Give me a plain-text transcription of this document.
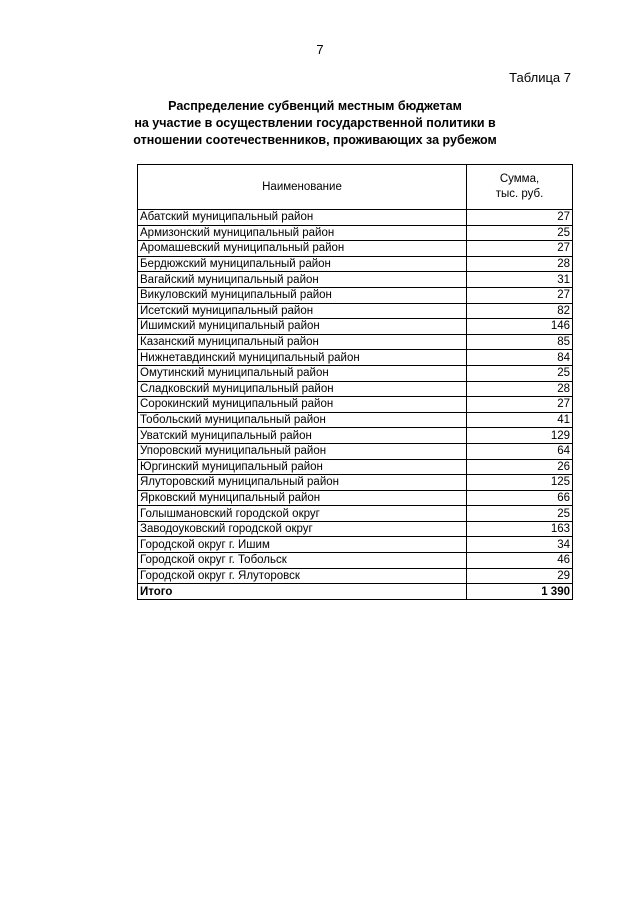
7
Таблица 7
Распределение субвенций местным бюджетам
на участие в осуществлении государственной политики в
отношении соотечественников, проживающих за рубежом
Наименование	Сумма,
тыс. руб.

Абатский муниципальный район	27
Армизонский муниципальный район	25
Аромашевский муниципальный район	27
Бердюжский муниципальный район	28
Вагайский муниципальный район	31
Викуловский муниципальный район	27
Исетский муниципальный район	82
Ишимский муниципальный район	146
Казанский муниципальный район	85
Нижнетавдинский муниципальный район	84
Омутинский муниципальный район	25
Сладковский муниципальный район	28
Сорокинский муниципальный район	27
Тобольский муниципальный район	41
Уватский муниципальный район	129
Упоровский муниципальный район	64
Юргинский муниципальный район	26
Ялуторовский муниципальный район	125
Ярковский муниципальный район	66
Голышмановский городской округ	25
Заводоуковский городской округ	163
Городской округ г. Ишим	34
Городской округ г. Тобольск	46
Городской округ г. Ялуторовск	29
Итого	1 390
